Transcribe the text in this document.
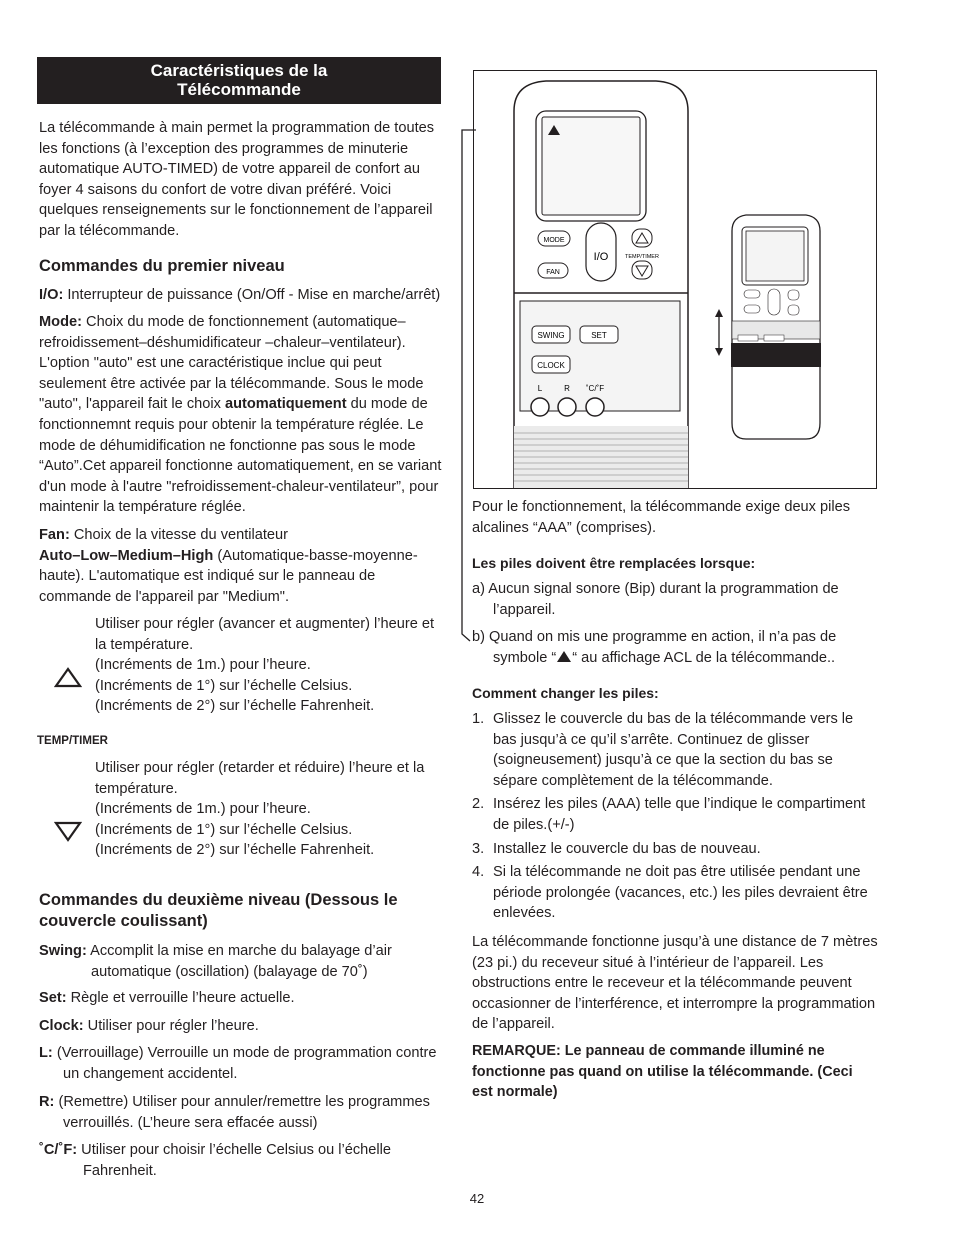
Caractéristiques de la
Télécommande

La télécommande à main permet la programmation de toutes les fonctions (à l’exception des programmes de minuterie automatique AUTO-TIMED) de votre appareil de confort au foyer 4 saisons du confort de votre divan préféré. Voici quelques renseignements sur le fonctionnement de l’appareil par la télécommande.

Commandes du premier niveau

I/O: Interrupteur de puissance (On/Off - Mise en marche/arrêt)

Mode: Choix du mode de fonctionnement (automatique–refroidissement–déshumidificateur –chaleur–ventilateur). L'option "auto" est une caractéristique inclue qui peut seulement être activée par la télécommande. Sous le mode "auto", l'appareil fait le choix automatiquement du mode de fonctionnemnt requis pour obtenir la température réglée. Le mode de déhumidification ne fonctionne pas sous le mode “Auto”.Cet appareil fonctionne automatiquement, en se variant d'un mode à l'autre "refroidissement-chaleur-ventilateur”, pour maintenir la température réglée.

Fan: Choix de la vitesse du ventilateur
Auto–Low–Medium–High (Automatique-basse-moyenne-haute). L'automatique est indiqué sur le panneau de commande de l'appareil par "Medium".

Utiliser pour régler (avancer et augmenter) l’heure et la température.
(Incréments de 1m.) pour l’heure.
(Incréments de 1°) sur l’échelle Celsius.
(Incréments de 2°) sur l’échelle Fahrenheit.
TEMP/TIMER
Utiliser pour régler (retarder et réduire) l’heure et la température.
(Incréments de 1m.) pour l’heure.
(Incréments de 1°) sur l’échelle Celsius.
(Incréments de 2°) sur l’échelle Fahrenheit.
Commandes du deuxième niveau (Dessous le couvercle coulissant)

Swing: Accomplit la mise en marche du balayage d’air automatique (oscillation) (balayage de 70˚)

Set: Règle et verrouille l’heure actuelle.

Clock: Utiliser pour régler l’heure.

L: (Verrouillage) Verrouille un mode de programmation contre un changement accidentel.

R: (Remettre) Utiliser pour annuler/remettre les programmes verrouillés. (L’heure sera effacée aussi)

˚C/˚F: Utiliser pour choisir l’échelle Celsius ou l’échelle Fahrenheit.

MODE
FAN
I/O	TEMP/TIMER
SWING	SET
CLOCK
L	R ˚C/˚F

Pour le fonctionnement, la télécommande exige deux piles alcalines “AAA” (comprises).

Les piles doivent être remplacées lorsque:

a) Aucun signal sonore (Bip) durant la programmation de l’appareil.

b) Quand on mis une programme en action, il n’a pas de symbole “ “ au affichage ACL de la télécommande..

Comment changer les piles:
1. Glissez le couvercle du bas de la télécommande vers le bas jusqu’à ce qu’il s’arrête. Continuez de glisser (soigneusement) jusqu’à ce que la section du bas se sépare complètement de la télécommande.
2. Insérez les piles (AAA) telle que l’indique le compartiment de piles.(+/-)
3. Installez le couvercle du bas de nouveau.
4. Si la télécommande ne doit pas être utilisée pendant une période prolongée (vacances, etc.) les piles devraient être enlevées.

La télécommande fonctionne jusqu’à une distance de 7 mètres (23 pi.) du receveur situé à l’intérieur de l’appareil. Les obstructions entre le receveur et la télécommande peuvent occasionner de l’interférence, et interrompre la programmation de l’appareil.

REMARQUE: Le panneau de commande illuminé ne fonctionne pas quand on utilise la télécommande. (Ceci est normale)

42
